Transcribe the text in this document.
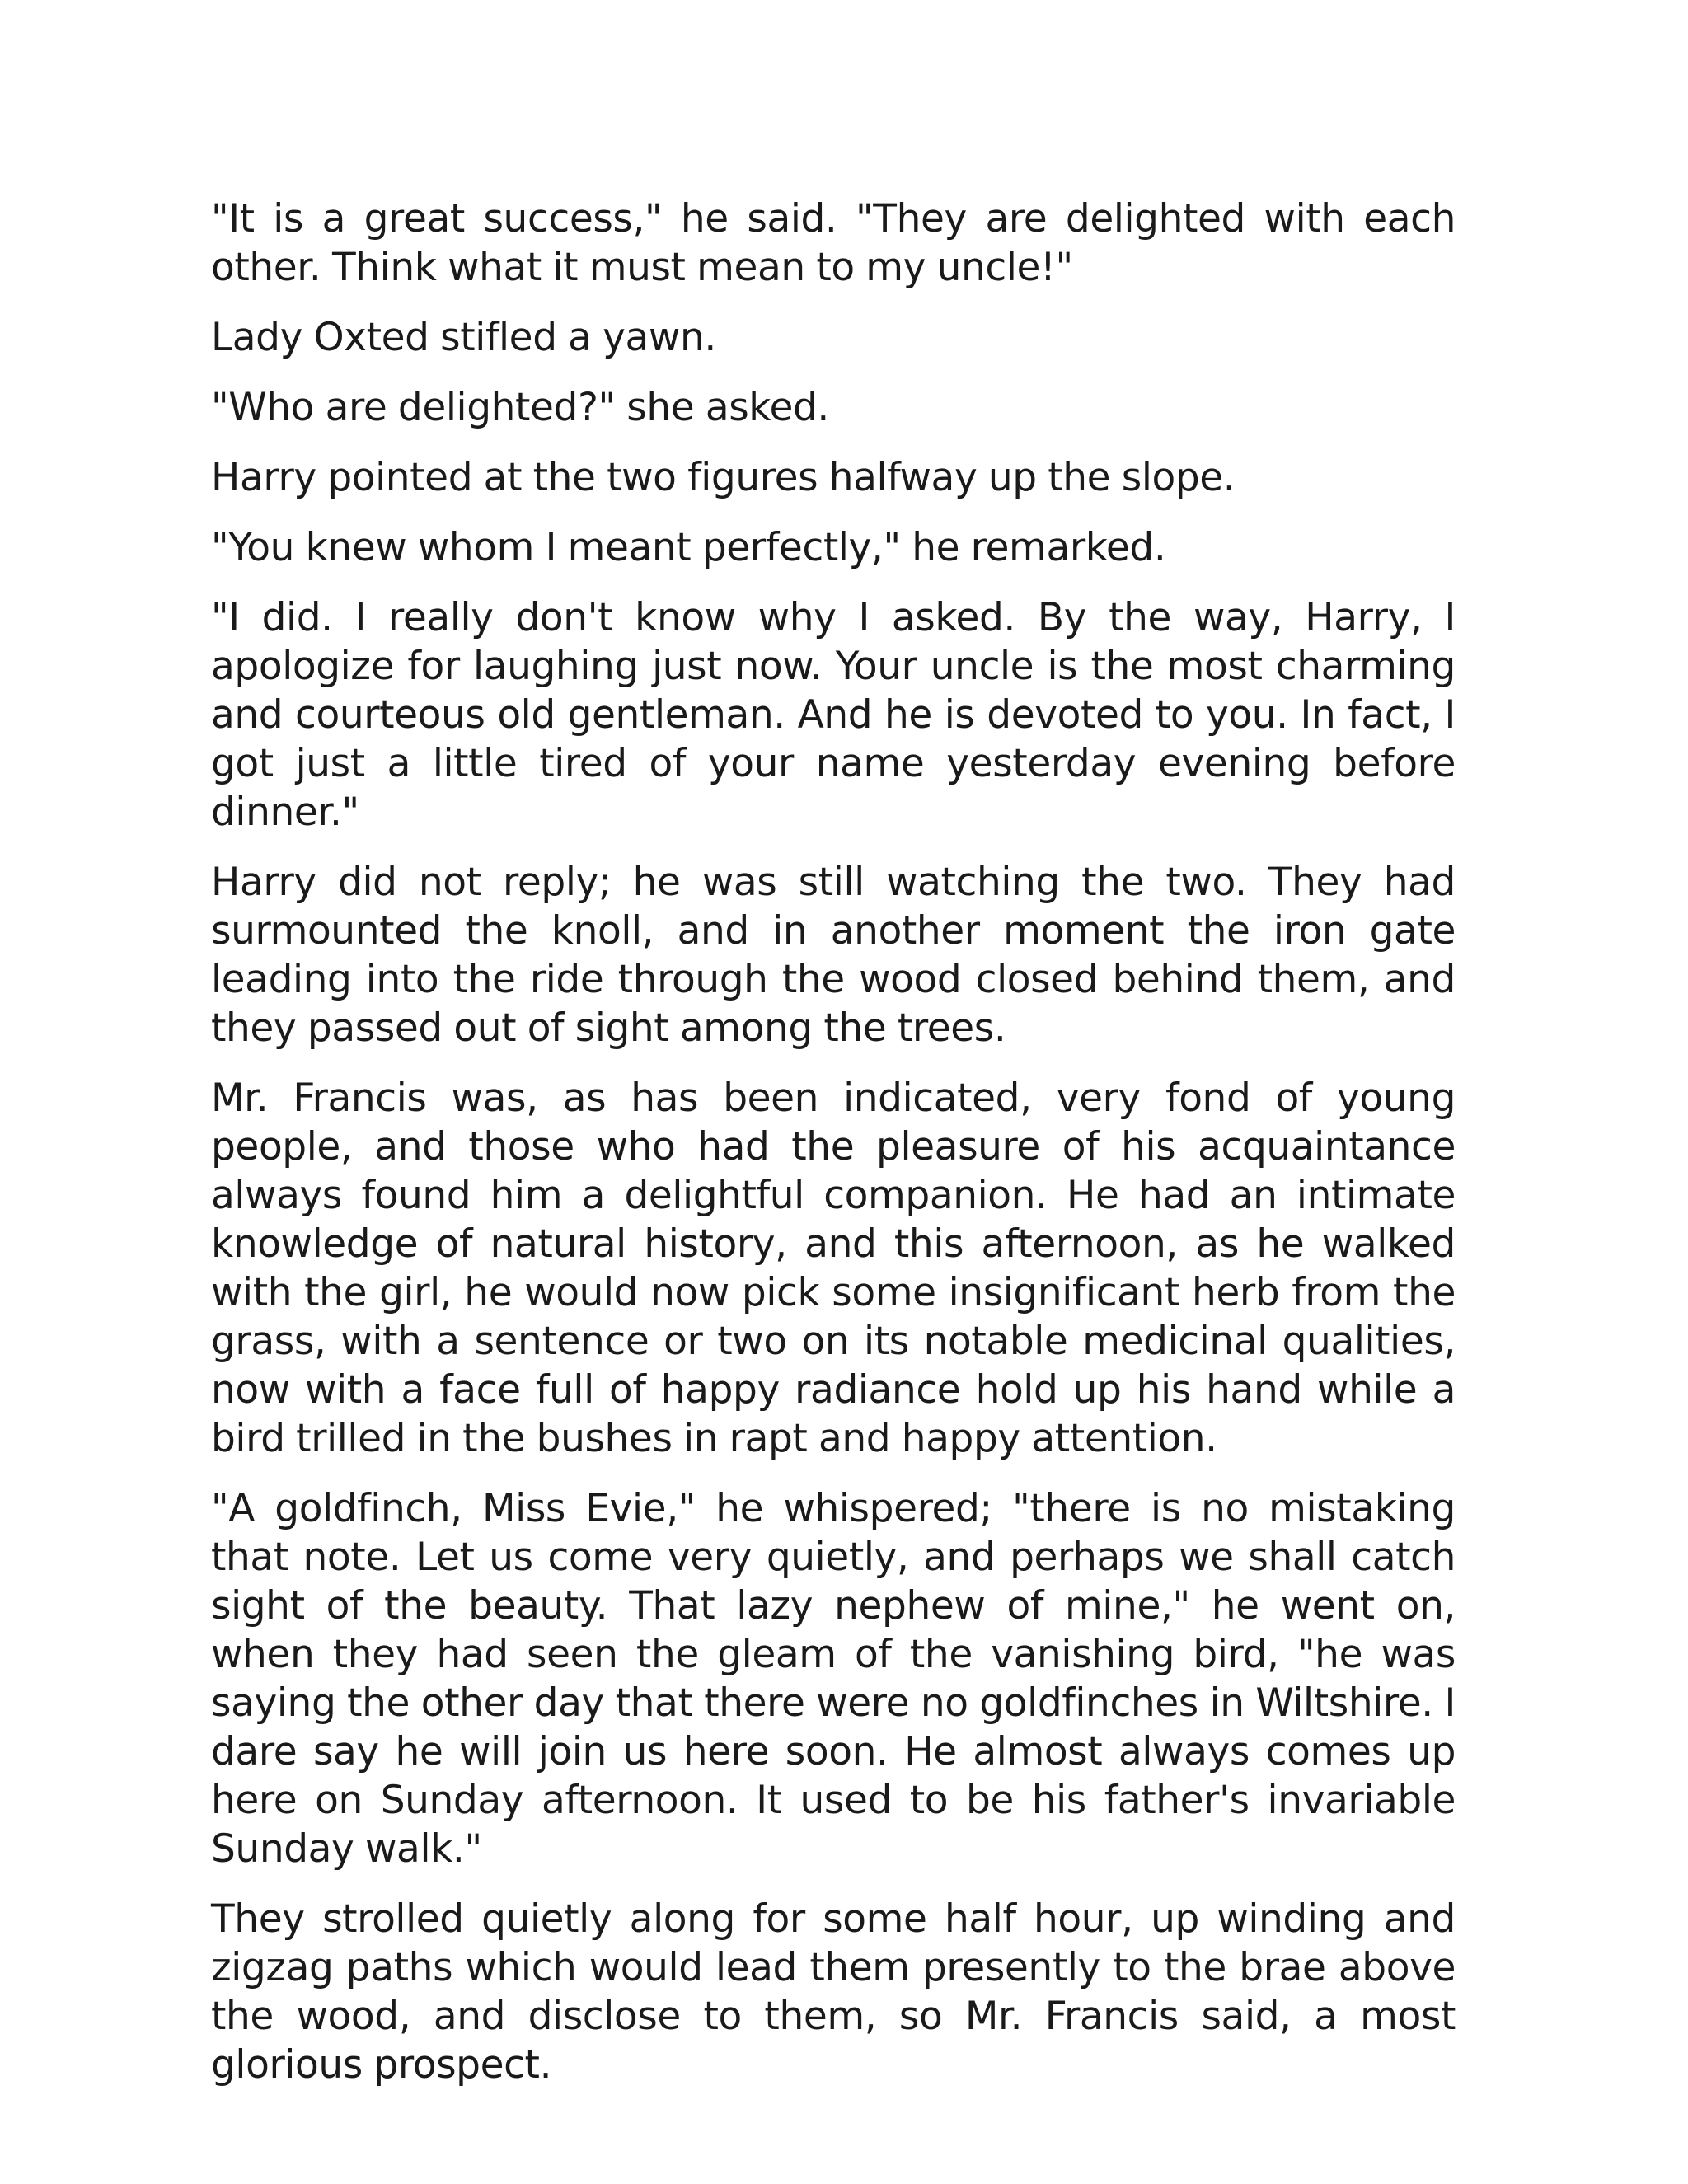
"It is a great success," he said. "They are delighted with each other. Think what it must mean to my uncle!"

Lady Oxted stifled a yawn.

"Who are delighted?" she asked.

Harry pointed at the two figures halfway up the slope.

"You knew whom I meant perfectly," he remarked.

"I did. I really don't know why I asked. By the way, Harry, I apologize for laughing just now. Your uncle is the most charming and courteous old gentleman. And he is devoted to you. In fact, I got just a little tired of your name yesterday evening before dinner."

Harry did not reply; he was still watching the two. They had surmounted the knoll, and in another moment the iron gate leading into the ride through the wood closed behind them, and they passed out of sight among the trees.

Mr. Francis was, as has been indicated, very fond of young people, and those who had the pleasure of his acquaintance always found him a delightful companion. He had an intimate knowledge of natural history, and this afternoon, as he walked with the girl, he would now pick some insignificant herb from the grass, with a sentence or two on its notable medicinal qualities, now with a face full of happy radiance hold up his hand while a bird trilled in the bushes in rapt and happy attention.

"A goldfinch, Miss Evie," he whispered; "there is no mistaking that note. Let us come very quietly, and perhaps we shall catch sight of the beauty. That lazy nephew of mine," he went on, when they had seen the gleam of the vanishing bird, "he was saying the other day that there were no goldfinches in Wiltshire. I dare say he will join us here soon. He almost always comes up here on Sunday afternoon. It used to be his father's invariable Sunday walk."

They strolled quietly along for some half hour, up winding and zigzag paths which would lead them presently to the brae above the wood, and disclose to them, so Mr. Francis said, a most glorious prospect.
